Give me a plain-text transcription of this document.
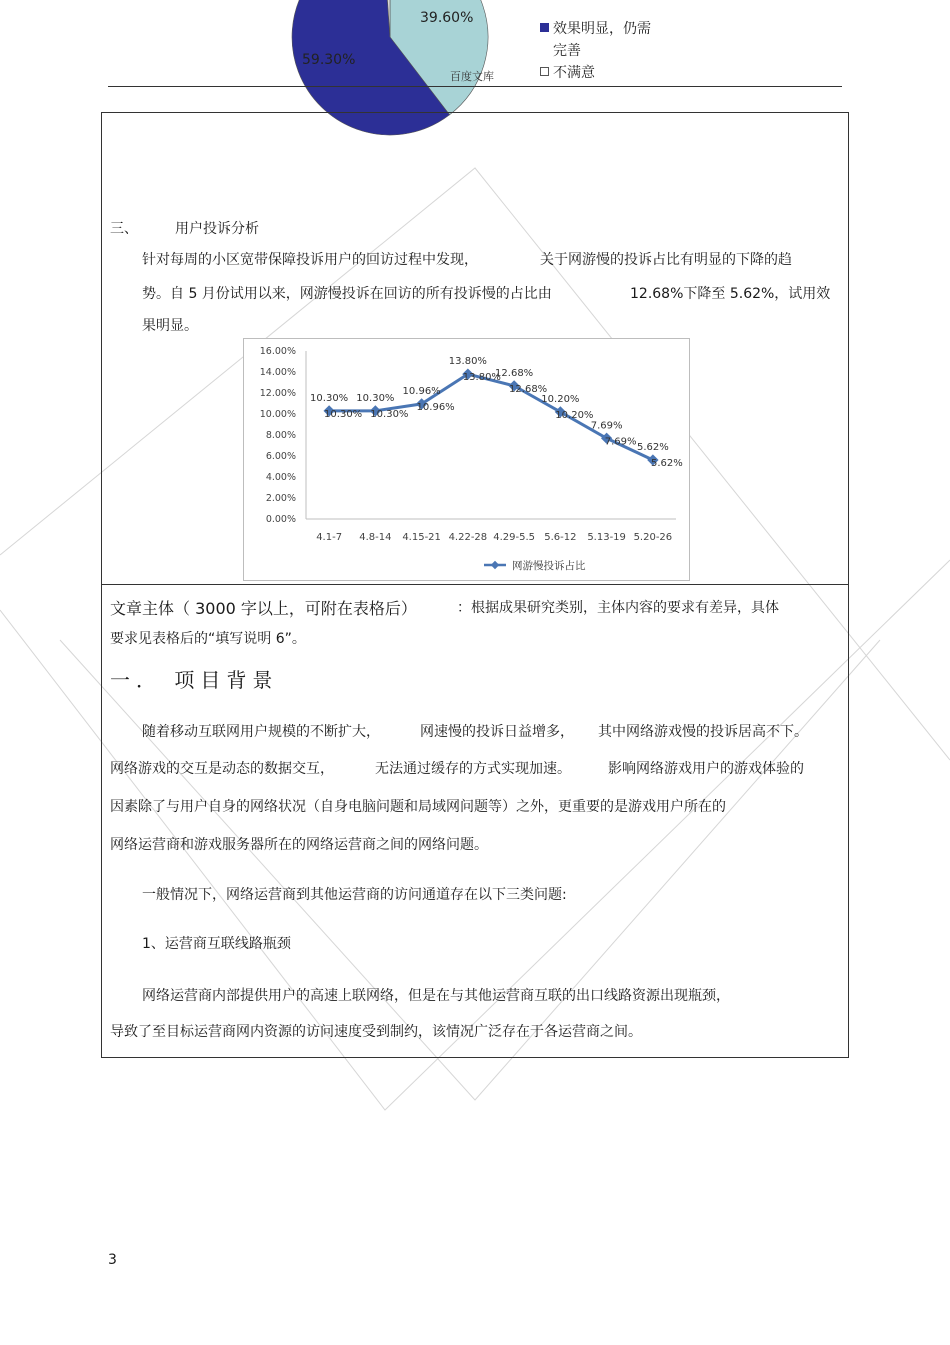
39.60%
59.30%
百度文库
效果明显，仍需
完善
不满意
三、	用户投诉分析
针对每周的小区宽带保障投诉用户的回访过程中发现，	关于网游慢的投诉占比有明显的下降的趋
势。自 5 月份试用以来，网游慢投诉在回访的所有投诉慢的占比由	12.68%下降至 5.62%，试用效
果明显。
0.00%
2.00%
4.00%
6.00%
8.00%
10.00%
12.00%
14.00%
16.00%
4.1-7 4.8-14 4.15-21 4.22-28 4.29-5.5 5.6-12 5.13-19 5.20-26
10.30%
10.30%
10.30%
10.30%
10.96%
10.96%
13.80%
13.80%
12.68%
12.68%
10.20%
10.20%
7.69%
7.69%
5.62%
5.62%
网游慢投诉占比
文章主体（ 3000 字以上，可附在表格后）	：根据成果研究类别，主体内容的要求有差异，具体
要求见表格后的“填写说明 6”。
一． 项目背景
随着移动互联网用户规模的不断扩大，	网速慢的投诉日益增多， 其中网络游戏慢的投诉居高不下。
网络游戏的交互是动态的数据交互，	无法通过缓存的方式实现加速。	影响网络游戏用户的游戏体验的
因素除了与用户自身的网络状况（自身电脑问题和局域网问题等）之外，更重要的是游戏用户所在的
网络运营商和游戏服务器所在的网络运营商之间的网络问题。
一般情况下，网络运营商到其他运营商的访问通道存在以下三类问题:
1、运营商互联线路瓶颈
网络运营商内部提供用户的高速上联网络，但是在与其他运营商互联的出口线路资源出现瓶颈，
导致了至目标运营商网内资源的访问速度受到制约，该情况广泛存在于各运营商之间。
3
